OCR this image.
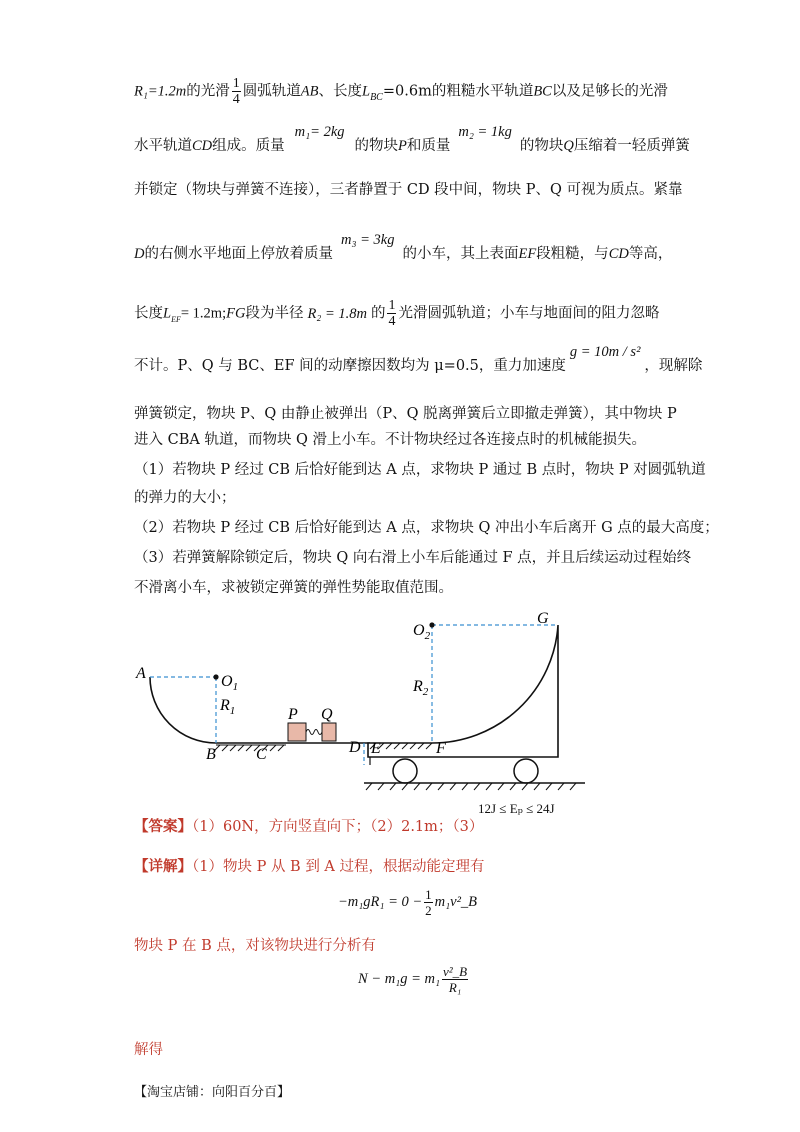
R₁=1.2m的光滑 $\frac{1}{4}$ 圆弧轨道AB、长度$L_{BC}=0.6m$的粗糙水平轨道BC以及足够长的光滑
水平轨道CD组成。质量m₁= 2kg的物块P和质量m₂ = 1kg的物块Q压缩着一轻质弹簧
并锁定（物块与弹簧不连接），三者静置于 CD 段中间，物块 P、Q 可视为质点。紧靠
D的右侧水平地面上停放着质量m₃ = 3kg的小车，其上表面EF段粗糙，与CD等高，
长度$L_{EF}=$ 1.2m;FG段为半径 R₂ = 1.8m 的 $\frac{1}{4}$ 光滑圆弧轨道；小车与地面间的阻力忽略
不计。P、Q 与 BC、EF 间的动摩擦因数均为 μ=0.5，重力加速度g = 10m / s²，现解除
弹簧锁定，物块 P、Q 由静止被弹出（P、Q 脱离弹簧后立即撤走弹簧），其中物块 P
进入 CBA 轨道，而物块 Q 滑上小车。不计物块经过各连接点时的机械能损失。
（1）若物块 P 经过 CB 后恰好能到达 A 点，求物块 P 通过 B 点时，物块 P 对圆弧轨道
的弹力的大小；
（2）若物块 P 经过 CB 后恰好能到达 A 点，求物块 Q 冲出小车后离开 G 点的最大高度；
（3）若弹簧解除锁定后，物块 Q 向右滑上小车后能通过 F 点，并且后续运动过程始终
不滑离小车，求被锁定弹簧的弹性势能取值范围。
A	$O_1$
$R_1$
B	C
P Q
D E	F
$O_2$
$R_2$
G
【答案】（1）60N，方向竖直向下；（2）2.1m；（3）
12J ≤ Eₚ ≤ 24J
【详解】（1）物块 P 从 B 到 A 过程，根据动能定理有
$-m_1gR_1 = 0 - \frac{1}{2}$ m₁v²_B
物块 P 在 B 点，对该物块进行分析有
$N - m_1g = m_1 \frac{\text{v²\_B}}{\text{R₁}}$
解得
【淘宝店铺：向阳百分百】
